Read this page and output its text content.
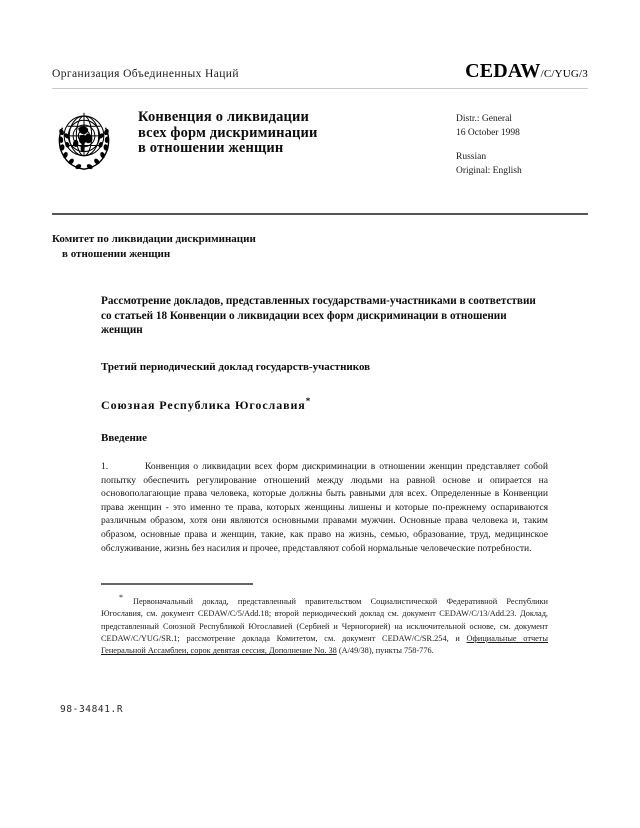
Организация Объединенных Наций	CEDAW/C/YUG/3
Конвенция о ликвидации
всех форм дискриминации
в отношении женщин
Distr.: General
16 October 1998
Russian
Original: English
Комитет по ликвидации дискриминации
в отношении женщин
Рассмотрение докладов, представленных государствами-участниками в соответствии со статьей 18 Конвенции о ликвидации всех форм дискриминации в отношении женщин
Третий периодический доклад государств-участников
Союзная Республика Югославия*
Введение
1.	Конвенция о ликвидации всех форм дискриминации в отношении женщин представляет собой попытку обеспечить регулирование отношений между людьми на равной основе и опирается на основополагающие права человека, которые должны быть равными для всех. Определенные в Конвенции права женщин - это именно те права, которых женщины лишены и которые по-прежнему оспариваются различным образом, хотя они являются основными правами мужчин. Основные права человека и, таким образом, основные права и женщин, такие, как право на жизнь, семью, образование, труд, медицинское обслуживание, жизнь без насилия и прочее, представляют собой нормальные человеческие потребности.
* Первоначальный доклад, представленный правительством Социалистической Федеративной Республики Югославия, см. документ CEDAW/C/5/Add.18; второй периодический доклад см. документ CEDAW/C/13/Add.23. Доклад, представленный Союзной Республикой Югославией (Сербией и Черногорией) на исключительной основе, см. документ CEDAW/C/YUG/SR.1; рассмотрение доклада Комитетом, см. документ CEDAW/C/SR.254, и Официальные отчеты Генеральной Ассамблеи, сорок девятая сессия, Дополнение No. 38 (A/49/38), пункты 758-776.
98-34841.R
